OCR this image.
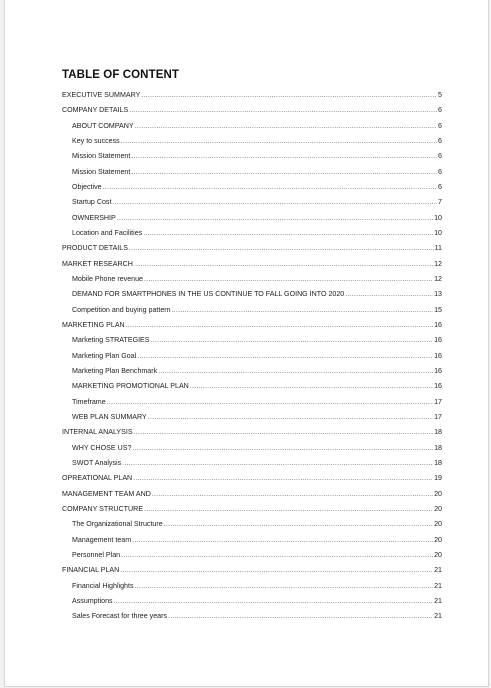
TABLE OF CONTENT
EXECUTIVE SUMMARY .....	5
COMPANY DETAILS .....	6
ABOUT COMPANY .....	6
Key to success .....	6
Mission Statement .....	6
Mission Statement .....	6
Objective .....	6
Startup Cost .....	7
OWNERSHIP .....	10
Location and Facilities .....	10
PRODUCT DETAILS .....	11
MARKET RESEARCH .....	12
Mobile Phone revenue .....	12
DEMAND FOR SMARTPHONES IN THE US CONTINUE TO FALL GOING INTO 2020 .....	13
Competition and buying pattern .....	15
MARKETING PLAN .....	16
Marketing STRATEGIES .....	16
Marketing Plan Goal .....	16
Marketing Plan Benchmark .....	16
MARKETING PROMOTIONAL PLAN .....	16
Timeframe .....	17
WEB PLAN SUMMARY .....	17
INTERNAL ANALYSIS .....	18
WHY CHOSE US? .....	18
SWOT Analysis .....	18
OPREATIONAL PLAN .....	19
MANAGEMENT TEAM AND .....	20
COMPANY STRUCTURE .....	20
The Organizational Structure .....	20
Management team .....	20
Personnel Plan .....	20
FINANCIAL PLAN .....	21
Financial Highlights .....	21
Assumptions .....	21
Sales Forecast for three years .....	21
